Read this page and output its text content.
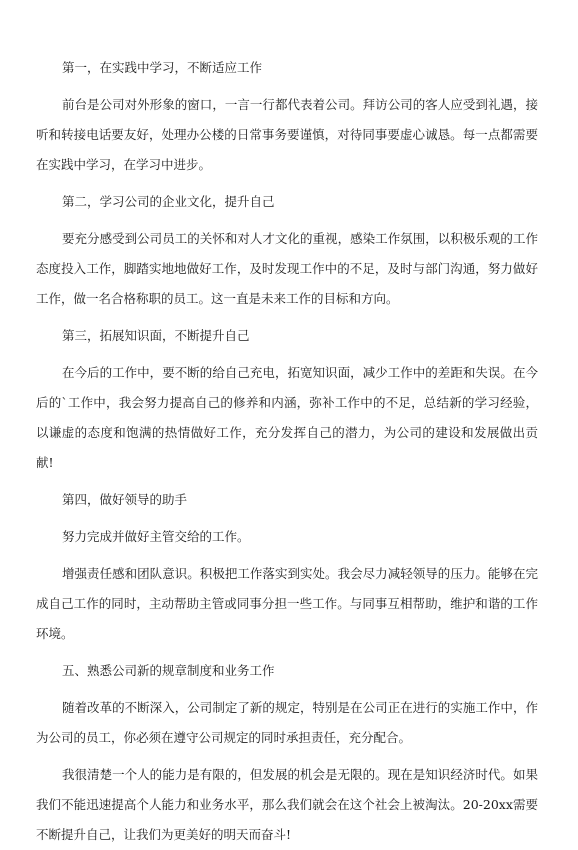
第一，在实践中学习，不断适应工作

前台是公司对外形象的窗口，一言一行都代表着公司。拜访公司的客人应受到礼遇，接听和转接电话要友好，处理办公楼的日常事务要谨慎，对待同事要虚心诚恳。每一点都需要在实践中学习，在学习中进步。

第二，学习公司的企业文化，提升自己

要充分感受到公司员工的关怀和对人才文化的重视，感染工作氛围，以积极乐观的工作态度投入工作，脚踏实地地做好工作，及时发现工作中的不足，及时与部门沟通，努力做好工作，做一名合格称职的员工。这一直是未来工作的目标和方向。

第三，拓展知识面，不断提升自己

在今后的工作中，要不断的给自己充电，拓宽知识面，减少工作中的差距和失误。在今后的`工作中，我会努力提高自己的修养和内涵，弥补工作中的不足，总结新的学习经验，以谦虚的态度和饱满的热情做好工作，充分发挥自己的潜力，为公司的建设和发展做出贡献!

第四，做好领导的助手

努力完成并做好主管交给的工作。

增强责任感和团队意识。积极把工作落实到实处。我会尽力减轻领导的压力。能够在完成自己工作的同时，主动帮助主管或同事分担一些工作。与同事互相帮助，维护和谐的工作环境。

五、熟悉公司新的规章制度和业务工作

随着改革的不断深入，公司制定了新的规定，特别是在公司正在进行的实施工作中，作为公司的员工，你必须在遵守公司规定的同时承担责任，充分配合。

我很清楚一个人的能力是有限的，但发展的机会是无限的。现在是知识经济时代。如果我们不能迅速提高个人能力和业务水平，那么我们就会在这个社会上被淘汰。20-20xx需要不断提升自己，让我们为更美好的明天而奋斗!
